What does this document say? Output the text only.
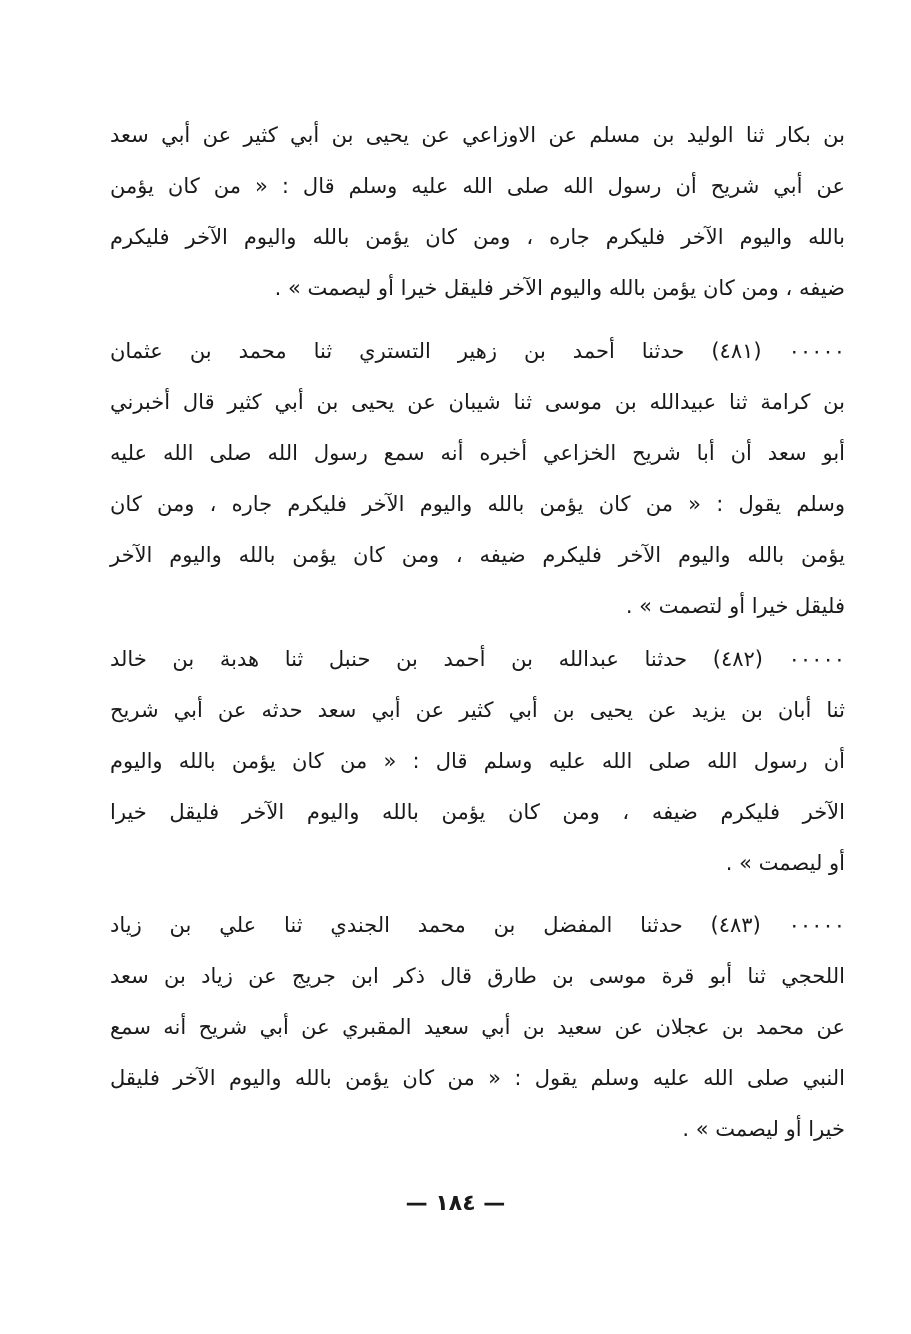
بن بكار ثنا الوليد بن مسلم عن الاوزاعي عن يحيى بن أبي كثير عن أبي سعد
عن أبي شريح أن رسول الله صلى الله عليه وسلم قال : « من كان يؤمن
بالله واليوم الآخر فليكرم جاره ، ومن كان يؤمن بالله واليوم الآخر فليكرم
ضيفه ، ومن كان يؤمن بالله واليوم الآخر فليقل خيرا أو ليصمت » .
٠٠٠٠٠ (٤٨١) حدثنا أحمد بن زهير التستري ثنا محمد بن عثمان
بن كرامة ثنا عبيدالله بن موسى ثنا شيبان عن يحيى بن أبي كثير قال أخبرني
أبو سعد أن أبا شريح الخزاعي أخبره أنه سمع رسول الله صلى الله عليه
وسلم يقول : « من كان يؤمن بالله واليوم الآخر فليكرم جاره ، ومن كان
يؤمن بالله واليوم الآخر فليكرم ضيفه ، ومن كان يؤمن بالله واليوم الآخر
فليقل خيرا أو لتصمت » .
٠٠٠٠٠ (٤٨٢) حدثنا عبدالله بن أحمد بن حنبل ثنا هدبة بن خالد
ثنا أبان بن يزيد عن يحيى بن أبي كثير عن أبي سعد حدثه عن أبي شريح
أن رسول الله صلى الله عليه وسلم قال : « من كان يؤمن بالله واليوم
الآخر فليكرم ضيفه ، ومن كان يؤمن بالله واليوم الآخر فليقل خيرا
أو ليصمت » .
٠٠٠٠٠ (٤٨٣) حدثنا المفضل بن محمد الجندي ثنا علي بن زياد
اللحجي ثنا أبو قرة موسى بن طارق قال ذكر ابن جريج عن زياد بن سعد
عن محمد بن عجلان عن سعيد بن أبي سعيد المقبري عن أبي شريح أنه سمع
النبي صلى الله عليه وسلم يقول : « من كان يؤمن بالله واليوم الآخر فليقل
خيرا أو ليصمت » .
— ١٨٤ —
